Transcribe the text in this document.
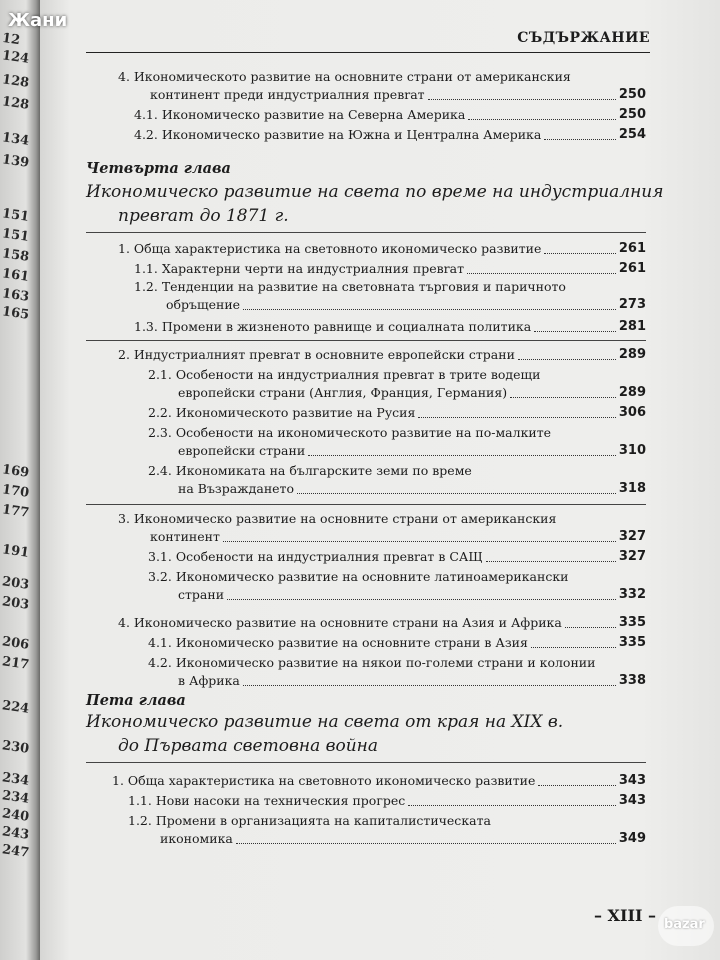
12
124
128
128
134
139
151
151
158
161
163
165
169
170
177
191
203
203
206
217
224
230
234
234
240
243
247
Жани
СЪДЪРЖАНИЕ
4. Икономическото развитие на основните страни от американския
континент преди индустриалния превrат	250
4.1. Икономическо развитие на Северна Америка	250
4.2. Икономическо развитие на Южна и Централна Америка	254
Четвърта глава
Икономическо развитие на света по време на индустриалния
превrат до 1871 г.
1. Обща характеристика на световното икономическо развитие	261
1.1. Характерни черти на индустриалния превrат	261
1.2. Тенденции на развитие на световната търговия и паричното
обръщение	273
1.3. Промени в жизненото равнище и социалната политика	281
2. Индустриалният превrат в основните европейски страни	289
2.1. Особености на индустриалния превrат в трите водещи
европейски страни (Англия, Франция, Германия)	289
2.2. Икономическото развитие на Русия	306
2.3. Особености на икономическото развитие на по-малките
европейски страни	310
2.4. Икономиката на българските земи по време
на Възраждането	318
3. Икономическо развитие на основните страни от американския
континент	327
3.1. Особености на индустриалния превrат в САЩ	327
3.2. Икономическо развитие на основните латиноамерикански
страни	332
4. Икономическо развитие на основните страни на Азия и Африка	335
4.1. Икономическо развитие на основните страни в Азия	335
4.2. Икономическо развитие на някои по-големи страни и колонии
в Африка	338
Пета глава
Икономическо развитие на света от края на XIX в.
до Първата световна война
1. Обща характеристика на световното икономическо развитие	343
1.1. Нови насоки на техническия прогрес	343
1.2. Промени в организацията на капиталистическата
икономика	349
– XIII – bazar
